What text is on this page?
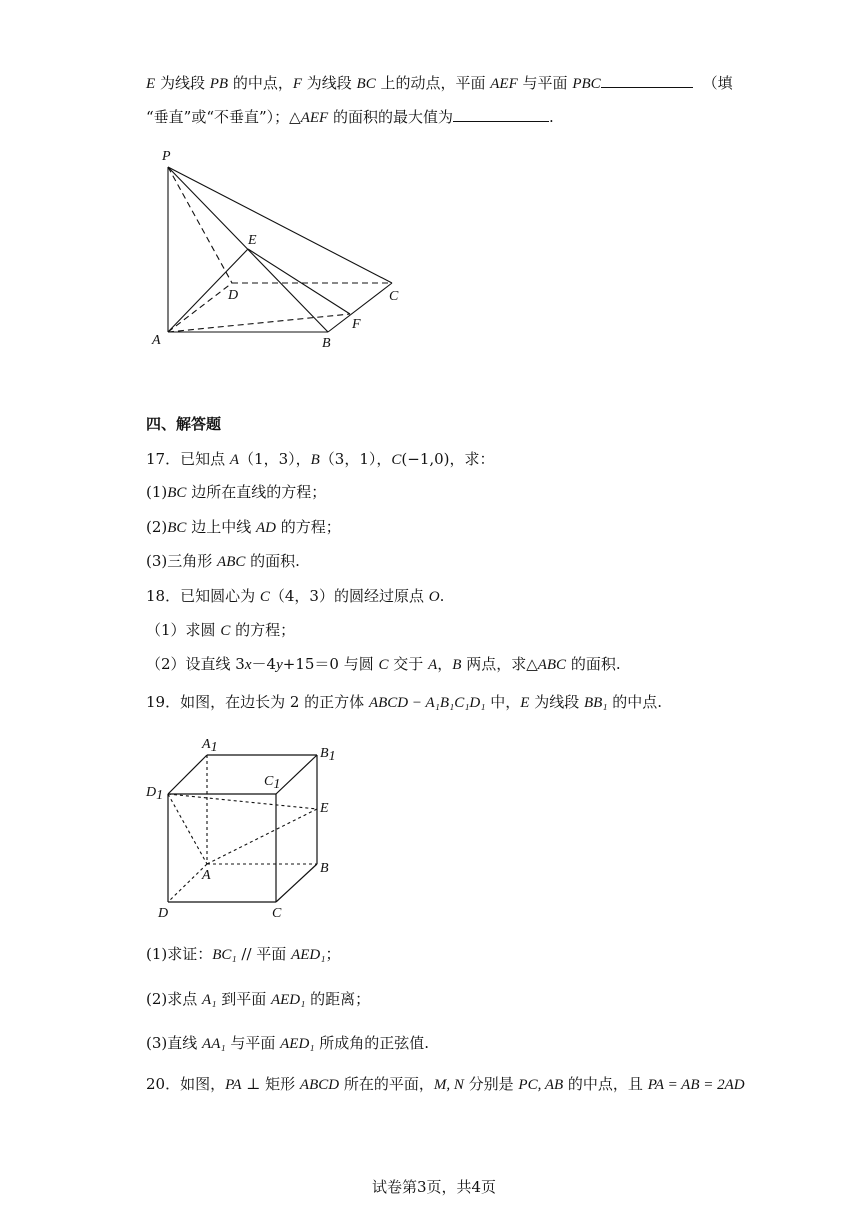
E 为线段 PB 的中点，F 为线段 BC 上的动点，平面 AEF 与平面 PBC	（填
“垂直”或“不垂直”）；△AEF 的面积的最大值为	.
P
E
D	C
F
A	B
四、解答题
17．已知点 A（1，3），B（3，1），C(−1,0)，求：
(1)BC 边所在直线的方程；
(2)BC 边上中线 AD 的方程；
(3)三角形 ABC 的面积.
18．已知圆心为 C（4，3）的圆经过原点 O.
（1）求圆 C 的方程；
（2）设直线 3x－4y+15＝0 与圆 C 交于 A，B 两点，求△ABC 的面积.
19．如图，在边长为 2 的正方体 ABCD − A₁B₁C₁D₁ 中，E 为线段 BB₁ 的中点.
A1	B1
C1
D1
E
A	B
C
D
(1)求证：BC₁ // 平面 AED₁；
(2)求点 A₁ 到平面 AED₁ 的距离；
(3)直线 AA₁ 与平面 AED₁ 所成角的正弦值.
20．如图，PA ⊥ 矩形 ABCD 所在的平面，M, N 分别是 PC, AB 的中点，且 PA = AB = 2AD
试卷第3页，共4页
